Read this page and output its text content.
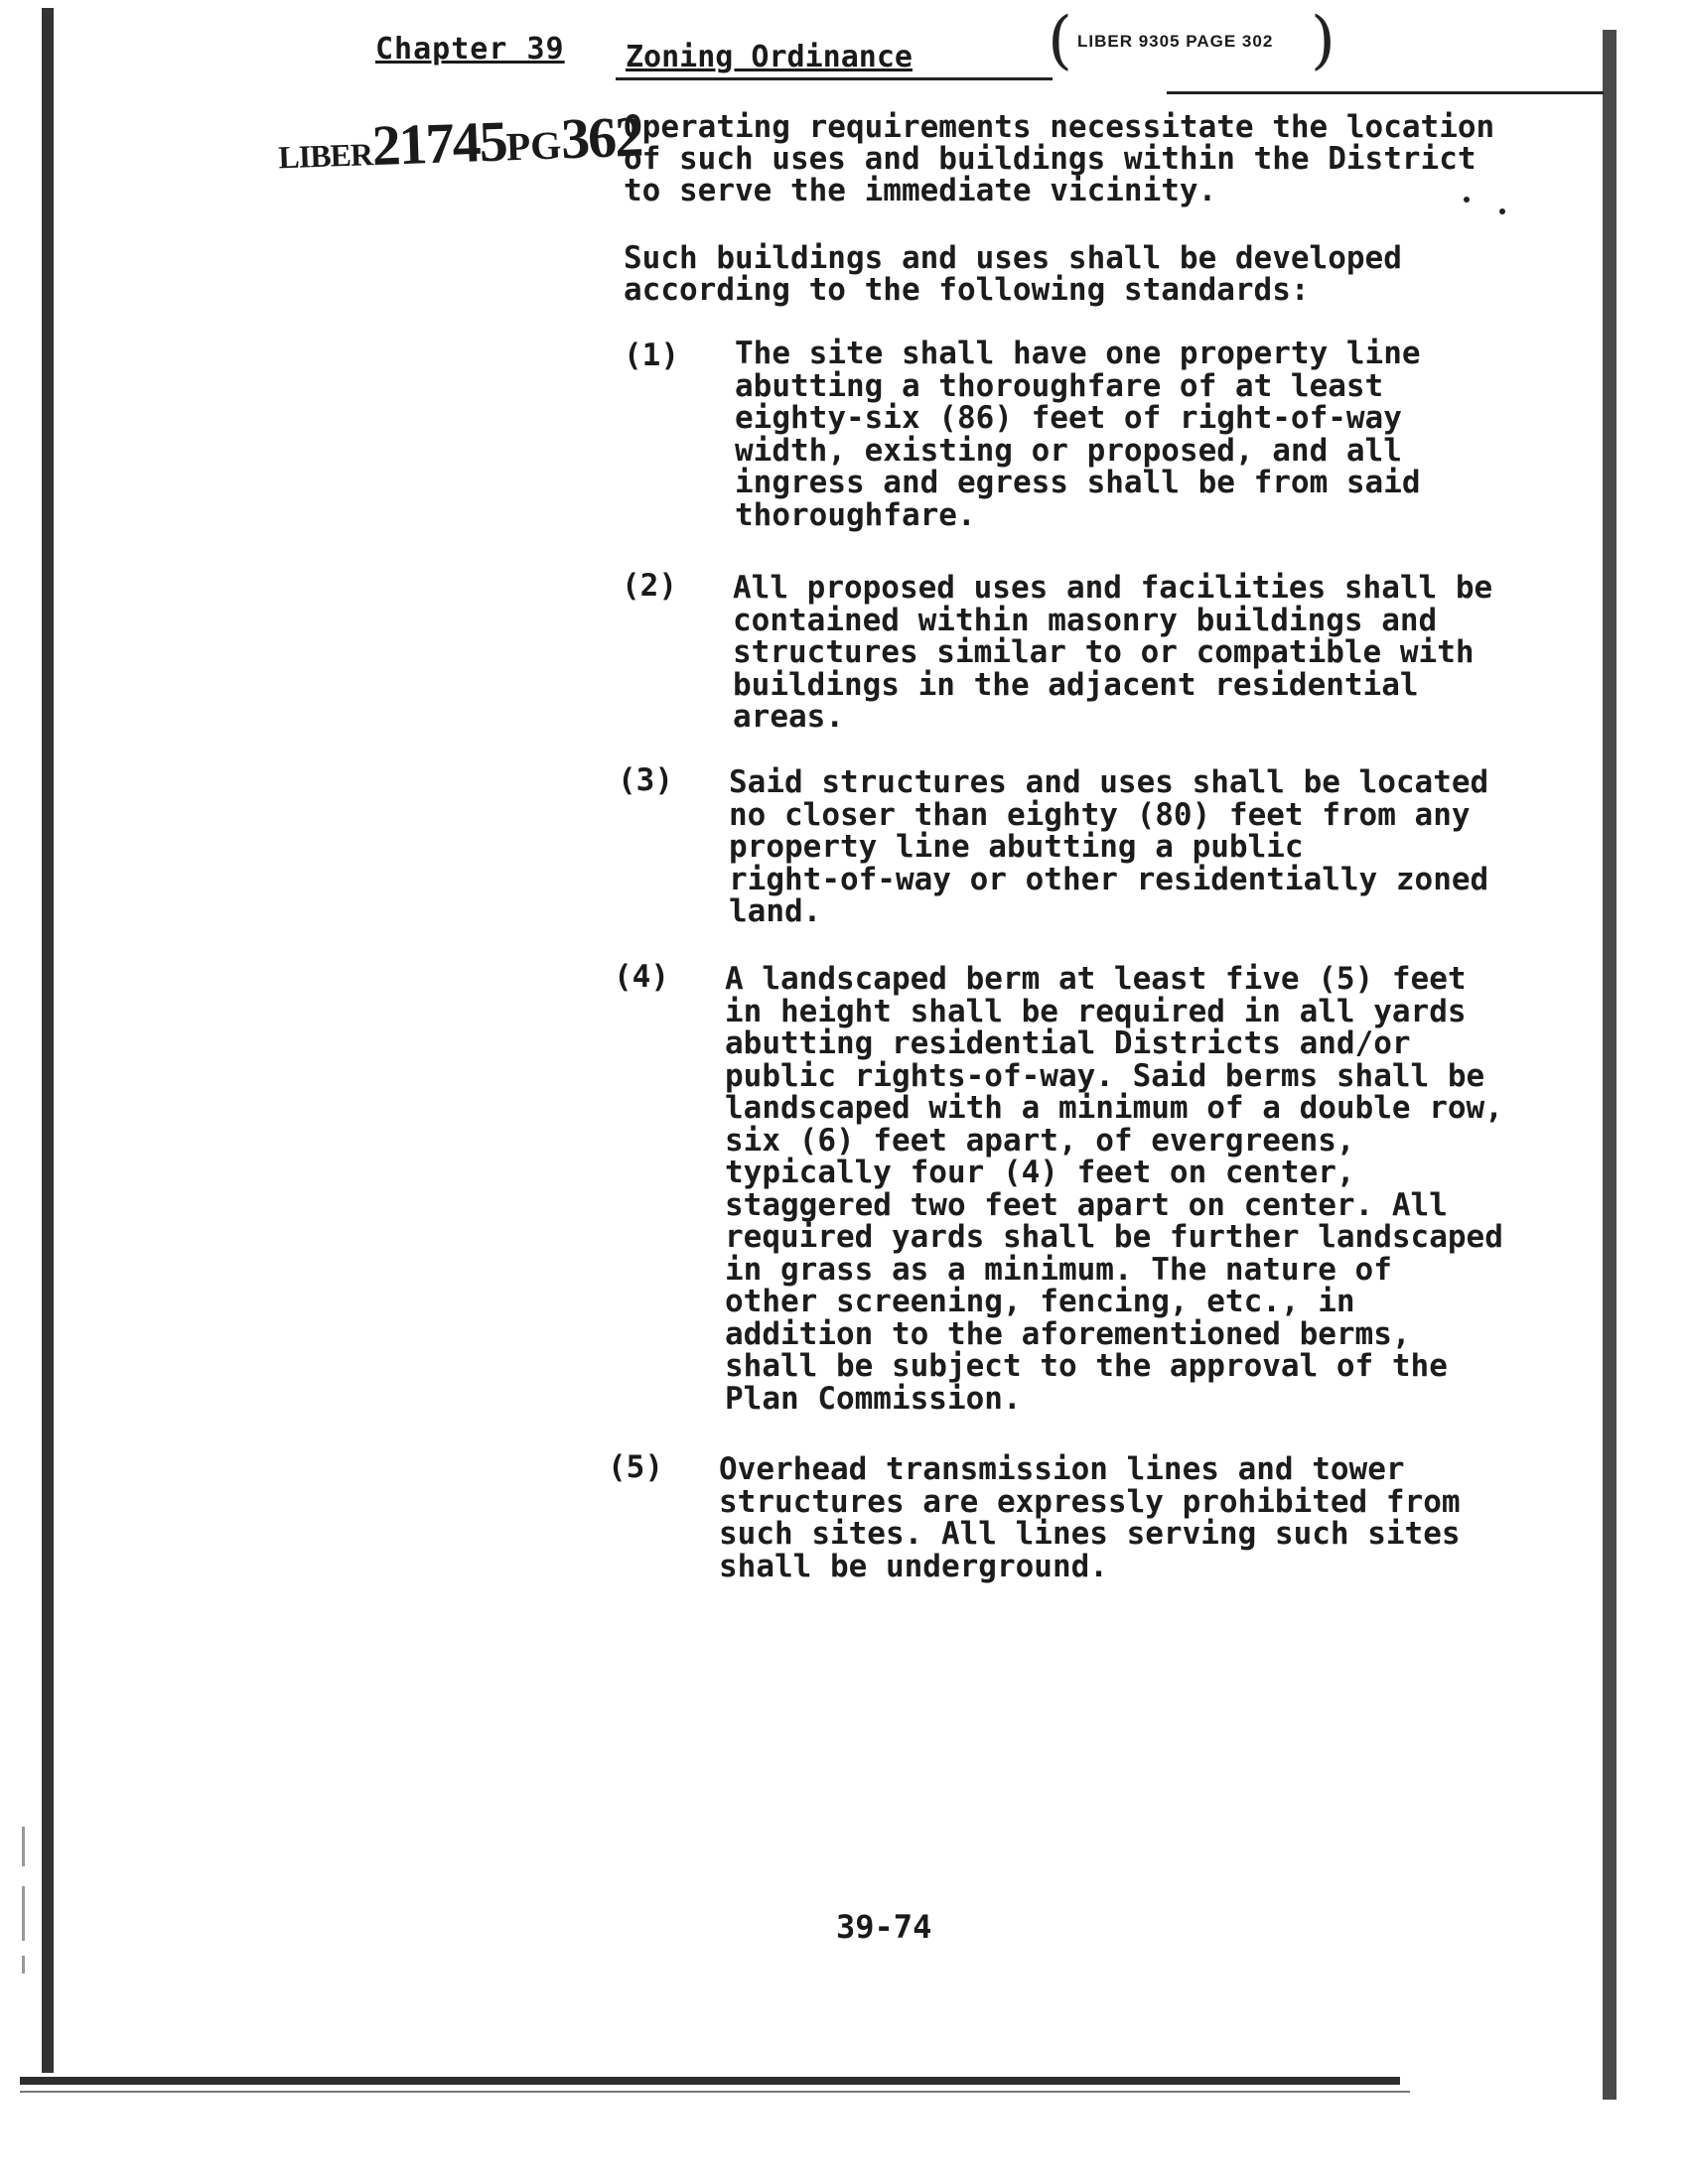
Chapter 39 Zoning Ordinance ( LIBER 9305 PAGE 302 )
LIBER21745PG362
Operating requirements necessitate the location
of such uses and buildings within the District
to serve the immediate vicinity.
Such buildings and uses shall be developed
according to the following standards:
(1) The site shall have one property line
abutting a thoroughfare of at least
eighty-six (86) feet of right-of-way
width, existing or proposed, and all
ingress and egress shall be from said
thoroughfare.
(2) All proposed uses and facilities shall be
contained within masonry buildings and
structures similar to or compatible with
buildings in the adjacent residential
areas.
(3) Said structures and uses shall be located
no closer than eighty (80) feet from any
property line abutting a public
right-of-way or other residentially zoned
land.
(4) A landscaped berm at least five (5) feet
in height shall be required in all yards
abutting residential Districts and/or
public rights-of-way. Said berms shall be
landscaped with a minimum of a double row,
six (6) feet apart, of evergreens,
typically four (4) feet on center,
staggered two feet apart on center. All
required yards shall be further landscaped
in grass as a minimum. The nature of
other screening, fencing, etc., in
addition to the aforementioned berms,
shall be subject to the approval of the
Plan Commission.
(5) Overhead transmission lines and tower
structures are expressly prohibited from
such sites. All lines serving such sites
shall be underground.
39-74
